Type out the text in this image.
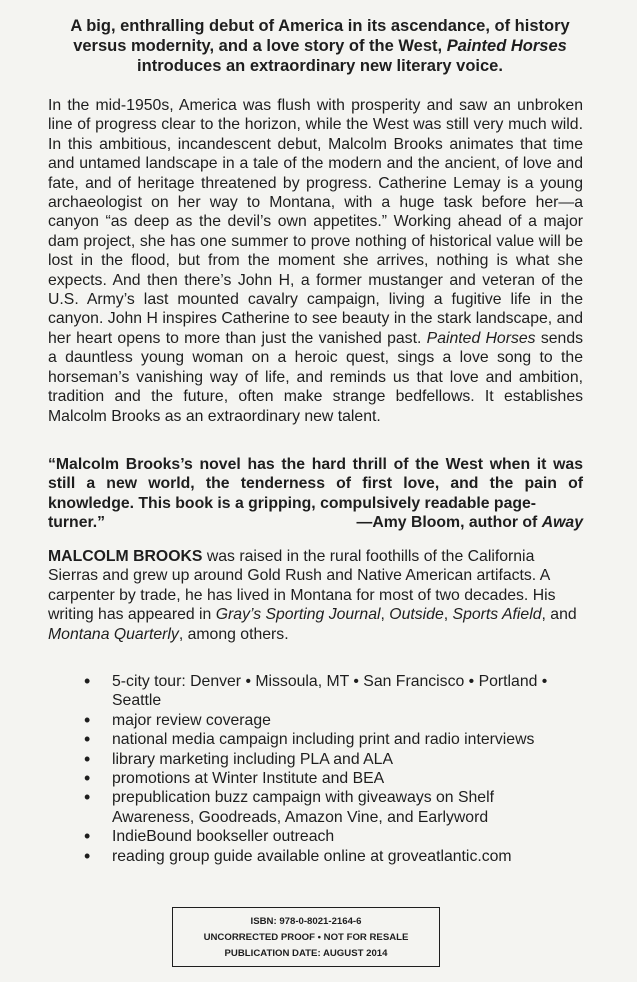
A big, enthralling debut of America in its ascendance, of history versus modernity, and a love story of the West, Painted Horses introduces an extraordinary new literary voice.
In the mid-1950s, America was flush with prosperity and saw an unbroken line of progress clear to the horizon, while the West was still very much wild. In this ambitious, incandescent debut, Malcolm Brooks animates that time and untamed landscape in a tale of the modern and the ancient, of love and fate, and of heritage threatened by progress. Catherine Lemay is a young archaeologist on her way to Montana, with a huge task before her—a canyon “as deep as the devil’s own appetites.” Working ahead of a major dam project, she has one summer to prove nothing of historical value will be lost in the flood, but from the moment she arrives, nothing is what she expects. And then there’s John H, a former mustanger and veteran of the U.S. Army’s last mounted cavalry campaign, living a fugitive life in the canyon. John H inspires Catherine to see beauty in the stark landscape, and her heart opens to more than just the vanished past. Painted Horses sends a dauntless young woman on a heroic quest, sings a love song to the horseman’s vanishing way of life, and reminds us that love and ambition, tradition and the future, often make strange bedfellows. It establishes Malcolm Brooks as an extraordinary new talent.
“Malcolm Brooks’s novel has the hard thrill of the West when it was still a new world, the tenderness of first love, and the pain of knowledge. This book is a gripping, compulsively readable page-
turner.”	—Amy Bloom, author of Away
MALCOLM BROOKS was raised in the rural foothills of the California Sierras and grew up around Gold Rush and Native American artifacts. A carpenter by trade, he has lived in Montana for most of two decades. His writing has appeared in Gray’s Sporting Journal, Outside, Sports Afield, and Montana Quarterly, among others.
• 5-city tour: Denver • Missoula, MT • San Francisco • Portland • Seattle
• major review coverage
• national media campaign including print and radio interviews
• library marketing including PLA and ALA
• promotions at Winter Institute and BEA
• prepublication buzz campaign with giveaways on Shelf Awareness, Goodreads, Amazon Vine, and Earlyword
• IndieBound bookseller outreach
• reading group guide available online at groveatlantic.com
ISBN: 978-0-8021-2164-6
UNCORRECTED PROOF • NOT FOR RESALE
PUBLICATION DATE: AUGUST 2014
